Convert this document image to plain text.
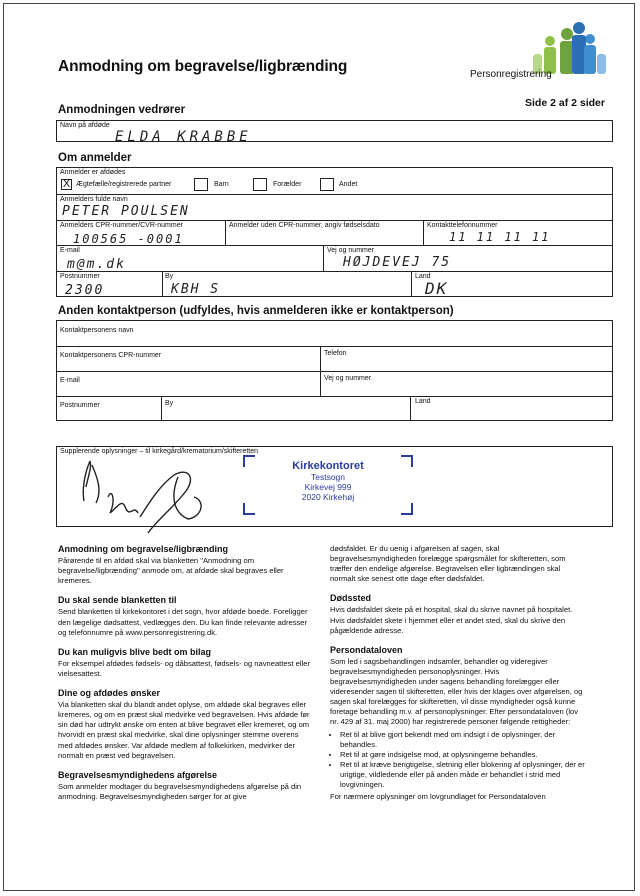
Anmodning om begravelse/ligbrænding	Personregistrering
Anmodningen vedrører
Side 2 af 2 sider
Navn på afdøde
ELDA KRABBE
Om anmelder
Anmelder er afdødes
X Ægtefælle/registrerede partner	Barn	Forælder	Andet
Anmelders fulde navn
PETER POULSEN
Anmelders CPR-nummer/CVR-nummer
100565 -0001
Anmelder uden CPR-nummer, angiv fødselsdato	Kontakttelefonnummer
11 11 11 11
E-mail
m@m.dk
Vej og nummer
HØJDEVEJ 75
Postnummer
2300
By
KBH S
Land
DK
Anden kontaktperson (udfyldes, hvis anmelderen ikke er kontaktperson)
Kontaktpersonens navn
Kontaktpersonens CPR-nummer	Telefon
E-mail	Vej og nummer
Postnummer	By	Land
Supplerende oplysninger – til kirkegård/krematorium/skifteretten
Kirkekontoret
Testsogn
Kirkevej 999
2020 Kirkehøj
Anmodning om begravelse/ligbrænding

Pårørende til en afdød skal via blanketten "Anmodning om begravelse/ligbrænding" anmode om, at afdøde skal begraves eller kremeres.

Du skal sende blanketten til

Send blanketten til kirkekontoret i det sogn, hvor afdøde boede. Foreligger den lægelige dødsattest, vedlægges den. Du kan finde relevante adresser og telefonnumre på www.personregistrering.dk.

Du kan muligvis blive bedt om bilag

For eksempel afdødes fødsels- og dåbsattest, fødsels- og navneattest eller vielsesattest.

Dine og afdødes ønsker

Via blanketten skal du blandt andet oplyse, om afdøde skal begraves eller kremeres, og om en præst skal medvirke ved begravelsen. Hvis afdøde før sin død har udtrykt ønske om enten at blive begravet eller kremeret, og om hvorvidt en præst skal medvirke, skal dine oplysninger stemme overens med afdødes ønsker. Var afdøde medlem af folkekirken, medvirker der normalt en præst ved begravelsen.

Begravelsesmyndighedens afgørelse

Som anmelder modtager du begravelsesmyndighedens afgørelse på din anmodning. Begravelsesmyndigheden sørger for at give

dødsfaldet. Er du uenig i afgørelsen af sagen, skal begravelsesmyndigheden forelægge spørgsmålet for skifteretten, som træffer den endelige afgørelse. Begravelsen eller ligbrændingen skal normalt ske senest otte dage efter dødsfaldet.

Dødssted

Hvis dødsfaldet skete på et hospital, skal du skrive navnet på hospitalet. Hvis dødsfaldet skete i hjemmet eller et andet sted, skal du skrive den pågældende adresse.

Persondataloven

Som led i sagsbehandlingen indsamler, behandler og videregiver begravelsesmyndigheden personoplysninger. Hvis begravelsesmyndigheden under sagens behandling forelægger eller videresender sagen til skifteretten, eller hvis der klages over afgørelsen, og sagen skal forelægges for skifteretten, vil disse myndigheder også kunne foretage behandling m.v. af personoplysninger. Efter persondataloven (lov nr. 429 af 31. maj 2000) har registrerede personer følgende rettigheder:

• Ret til at blive gjort bekendt med om indsigt i de oplysninger, der behandles.
• Ret til at gøre indsigelse mod, at oplysningerne behandles.
• Ret til at kræve berigtigelse, sletning eller blokering af oplysninger, der er urigtige, vildledende eller på anden måde er behandlet i strid med lovgivningen.

For nærmere oplysninger om lovgrundlaget for Persondataloven
